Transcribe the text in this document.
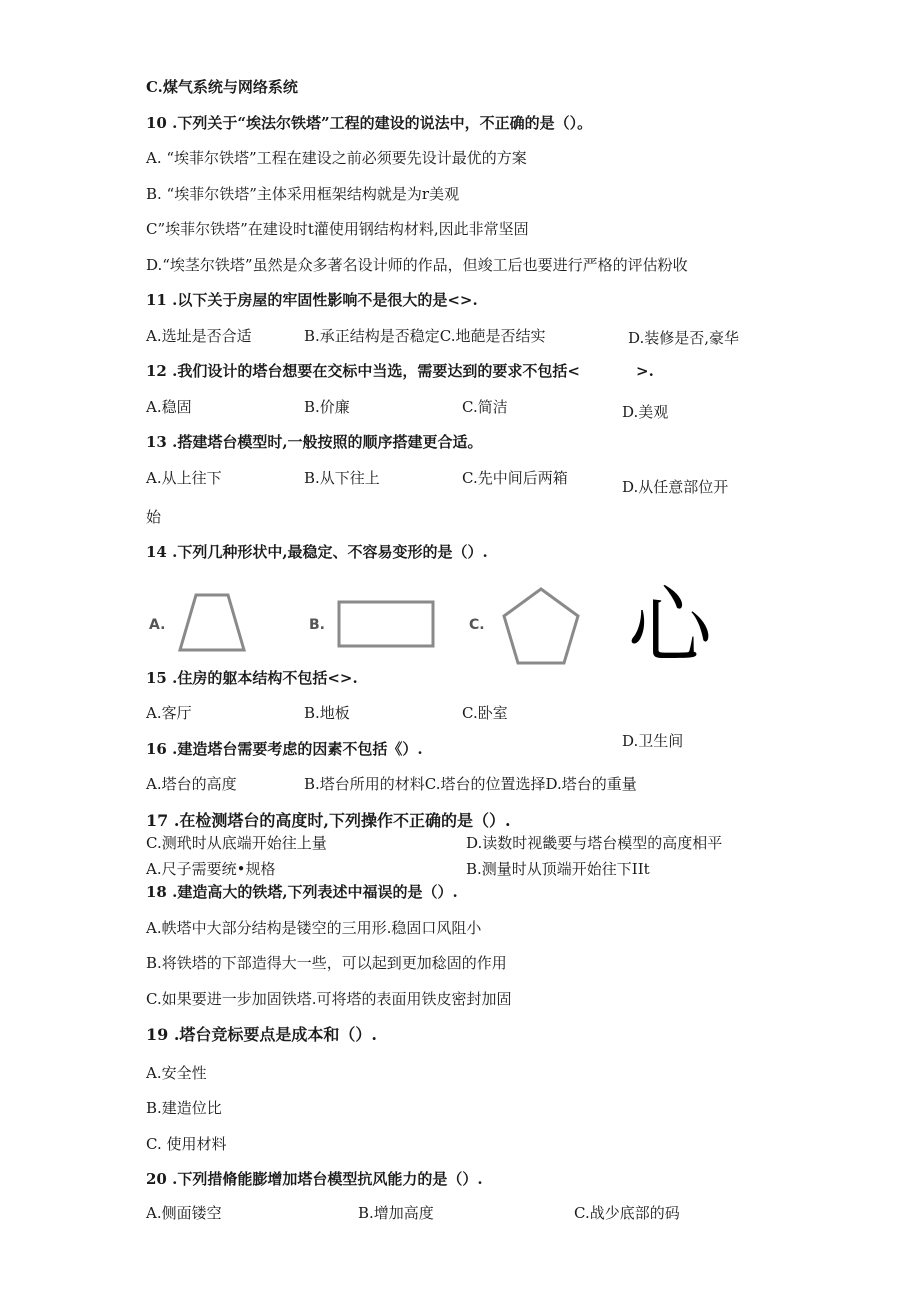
C.煤气系统与网络系统
10 .下列关于“埃法尔铁塔”工程的建设的说法中，不正确的是（）。
A. “埃菲尔铁塔”工程在建设之前必须要先设计最优的方案
B. “埃菲尔铁塔”主体采用框架结构就是为r美观
C”埃菲尔铁塔”在建设时t灌使用钢结构材料,因此非常坚固
D.“埃茎尔铁塔”虽然是众多著名设计师的作品，但竣工后也要进行严格的评估粉收
11 .以下关于房屋的牢固性影响不是很大的是<>.
A.选址是否合适	B.承正结构是否稳定C.地葩是否结实	D.装修是否,豪华
12 .我们设计的塔台想要在交标中当选，需要达到的要求不包括<	>.
A.稳固	B.价廉	C.简洁	D.美观
13 .搭建塔台模型时,一般按照的顺序搭建更合适。
A.从上往下	B.从下往上	C.先中间后两箱	D.从任意部位开
始
14 .下列几种形状中,最稳定、不容易变形的是（）.
A.	B.	C. 心
15 .住房的躯本结构不包括<>.
A.客厅	B.地板	C.卧室
D.卫生间
16 .建造塔台需要考虑的因素不包括《）.
A.塔台的高度	B.塔台所用的材料C.塔台的位置选择D.塔台的重量
17 .在检测塔台的高度时,下列操作不正确的是（）.
C.测玳时从底端开始往上量	D.读数时视畿要与塔台模型的高度相平
A.尺子需要统•规格	B.测量时从顶端开始往下IIt
18 .建造高大的铁塔,下列表述中福误的是（）.
A.帙塔中大部分结构是镂空的三用形.稳固口风阻小
B.将铁塔的下部造得大一些，可以起到更加稔固的作用
C.如果要进一步加固铁塔.可将塔的表面用铁皮密封加固
19 .塔台竞标要点是成本和（）.
A.安全性
B.建造位比
C. 使用材料
20 .下列措脩能膨增加塔台模型抗风能力的是（）.
A.侧面镂空	B.增加高度	C.战少底部的码
